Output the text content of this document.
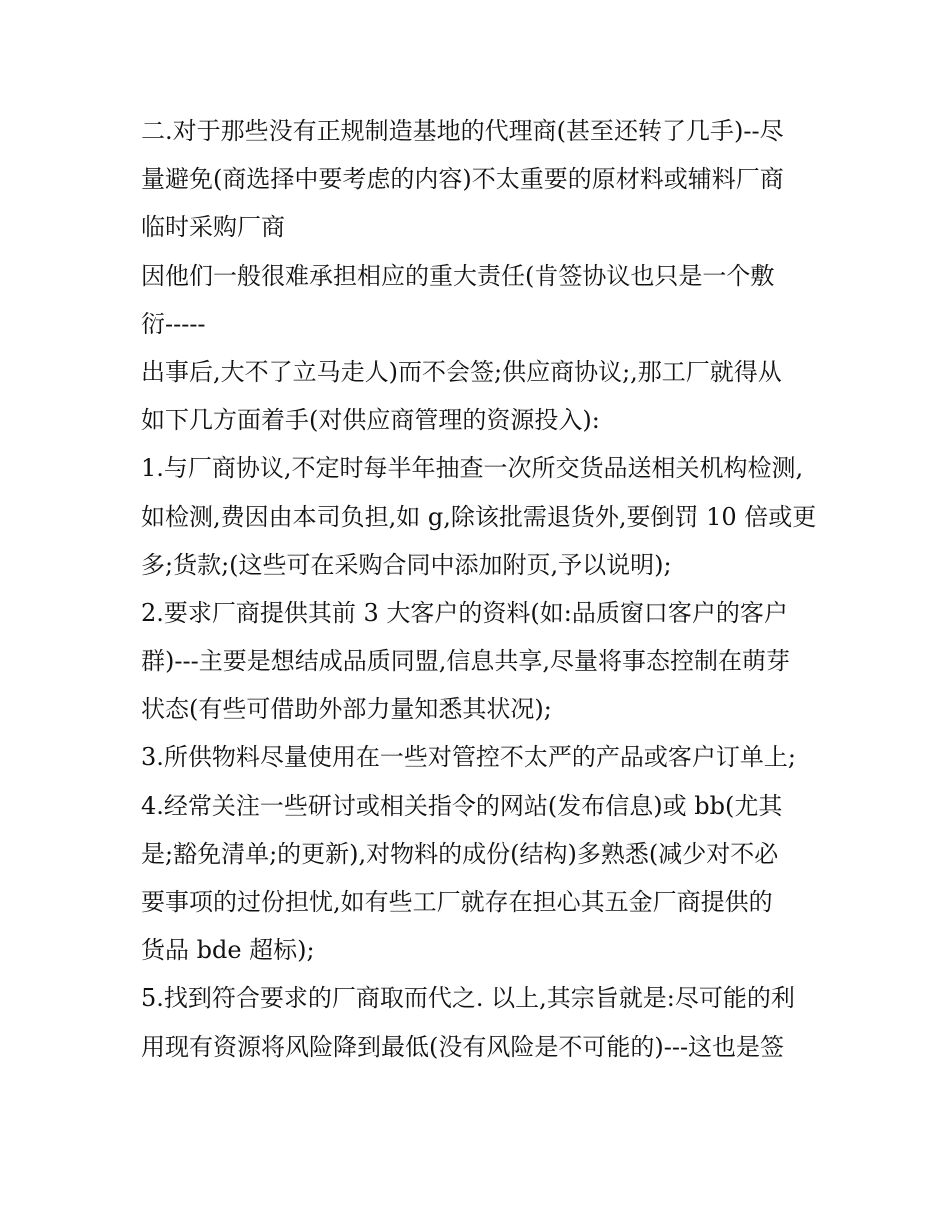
二.对于那些没有正规制造基地的代理商(甚至还转了几手)--尽
量避免(商选择中要考虑的内容)不太重要的原材料或辅料厂商
临时采购厂商
因他们一般很难承担相应的重大责任(肯签协议也只是一个敷
衍-----
出事后,大不了立马走人)而不会签;供应商协议;,那工厂就得从
如下几方面着手(对供应商管理的资源投入):
1.与厂商协议,不定时每半年抽查一次所交货品送相关机构检测,
如检测,费因由本司负担,如 g,除该批需退货外,要倒罚 10 倍或更
多;货款;(这些可在采购合同中添加附页,予以说明);
2.要求厂商提供其前 3 大客户的资料(如:品质窗口客户的客户
群)---主要是想结成品质同盟,信息共享,尽量将事态控制在萌芽
状态(有些可借助外部力量知悉其状况);
3.所供物料尽量使用在一些对管控不太严的产品或客户订单上;
4.经常关注一些研讨或相关指令的网站(发布信息)或 bb(尤其
是;豁免清单;的更新),对物料的成份(结构)多熟悉(减少对不必
要事项的过份担忧,如有些工厂就存在担心其五金厂商提供的
货品 bde 超标);
5.找到符合要求的厂商取而代之. 以上,其宗旨就是:尽可能的利
用现有资源将风险降到最低(没有风险是不可能的)---这也是签
